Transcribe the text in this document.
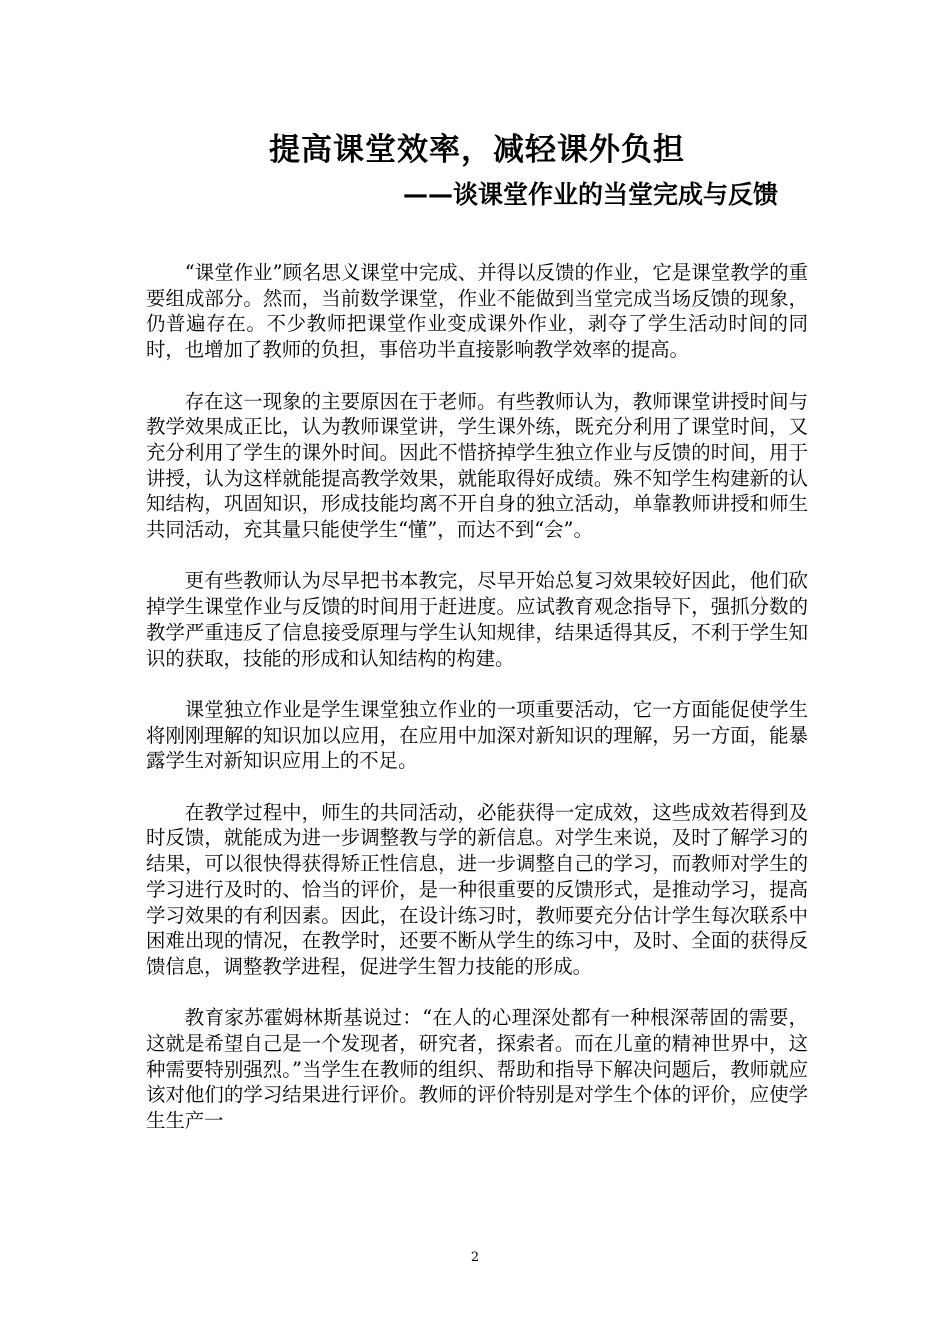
提高课堂效率，减轻课外负担
——谈课堂作业的当堂完成与反馈

“课堂作业”顾名思义课堂中完成、并得以反馈的作业，它是课堂教学的重要组成部分。然而，当前数学课堂，作业不能做到当堂完成当场反馈的现象，仍普遍存在。不少教师把课堂作业变成课外作业，剥夺了学生活动时间的同时，也增加了教师的负担，事倍功半直接影响教学效率的提高。

存在这一现象的主要原因在于老师。有些教师认为，教师课堂讲授时间与教学效果成正比，认为教师课堂讲，学生课外练，既充分利用了课堂时间，又充分利用了学生的课外时间。因此不惜挤掉学生独立作业与反馈的时间，用于讲授，认为这样就能提高教学效果，就能取得好成绩。殊不知学生构建新的认知结构，巩固知识，形成技能均离不开自身的独立活动，单靠教师讲授和师生共同活动，充其量只能使学生“懂”，而达不到“会”。

更有些教师认为尽早把书本教完，尽早开始总复习效果较好因此，他们砍掉学生课堂作业与反馈的时间用于赶进度。应试教育观念指导下，强抓分数的教学严重违反了信息接受原理与学生认知规律，结果适得其反，不利于学生知识的获取，技能的形成和认知结构的构建。

课堂独立作业是学生课堂独立作业的一项重要活动，它一方面能促使学生将刚刚理解的知识加以应用，在应用中加深对新知识的理解，另一方面，能暴露学生对新知识应用上的不足。

在教学过程中，师生的共同活动，必能获得一定成效，这些成效若得到及时反馈，就能成为进一步调整教与学的新信息。对学生来说，及时了解学习的结果，可以很快得获得矫正性信息，进一步调整自己的学习，而教师对学生的学习进行及时的、恰当的评价，是一种很重要的反馈形式，是推动学习，提高学习效果的有利因素。因此，在设计练习时，教师要充分估计学生每次联系中困难出现的情况，在教学时，还要不断从学生的练习中，及时、全面的获得反馈信息，调整教学进程，促进学生智力技能的形成。

教育家苏霍姆林斯基说过：“在人的心理深处都有一种根深蒂固的需要，这就是希望自己是一个发现者，研究者，探索者。而在儿童的精神世界中，这种需要特别强烈。”当学生在教师的组织、帮助和指导下解决问题后，教师就应该对他们的学习结果进行评价。教师的评价特别是对学生个体的评价，应使学生生产一

2
